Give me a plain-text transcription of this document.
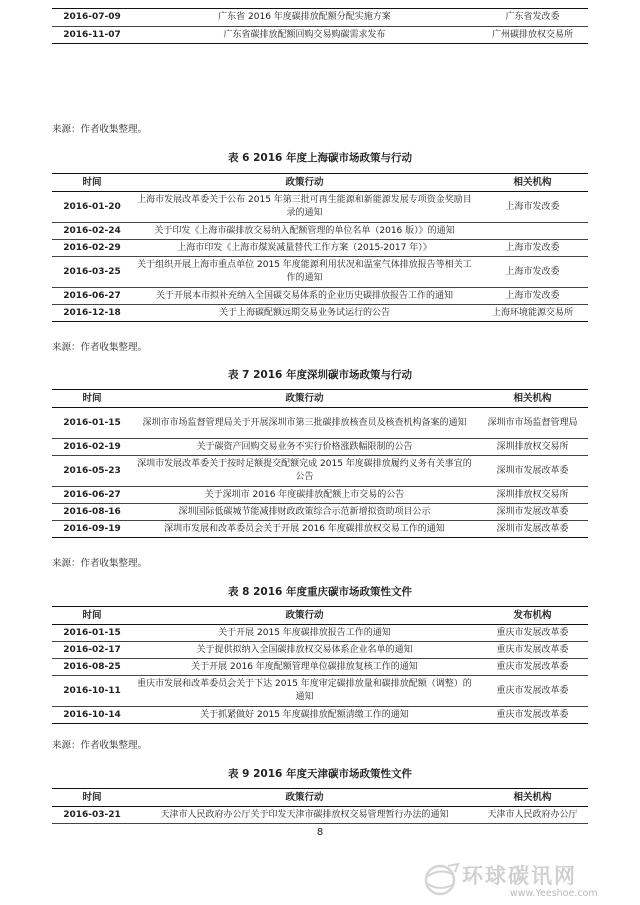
2016-07-09	广东省 2016 年度碳排放配额分配实施方案	广东省发改委
2016-11-07	广东省碳排放配额回购交易购碳需求发布	广州碳排放权交易所
来源：作者收集整理。
表 6 2016 年度上海碳市场政策与行动
时间	政策行动	相关机构
2016-01-20	上海市发展改革委关于公布 2015 年第三批可再生能源和新能源发展专项资金奖励目录的通知	上海市发改委
2016-02-24	关于印发《上海市碳排放交易纳入配额管理的单位名单（2016 版）》的通知	
2016-02-29	上海市印发《上海市煤炭减量替代工作方案（2015-2017 年）》	上海市发改委
2016-03-25	关于组织开展上海市重点单位 2015 年度能源利用状况和温室气体排放报告等相关工作的通知	上海市发改委
2016-06-27	关于开展本市拟补充纳入全国碳交易体系的企业历史碳排放报告工作的通知	上海市发改委
2016-12-18	关于上海碳配额远期交易业务试运行的公告	上海环境能源交易所
来源：作者收集整理。
表 7 2016 年度深圳碳市场政策与行动
时间	政策行动	相关机构
2016-01-15	深圳市市场监督管理局关于开展深圳市第三批碳排放核查员及核查机构备案的通知	深圳市市场监督管理局
2016-02-19	关于碳资产回购交易业务不实行价格涨跌幅限制的公告	深圳排放权交易所
2016-05-23	深圳市发展改革委关于按时足额提交配额完成 2015 年度碳排放履约义务有关事宜的公告	深圳市发展改革委
2016-06-27	关于深圳市 2016 年度碳排放配额上市交易的公告	深圳排放权交易所
2016-08-16	深圳国际低碳城节能减排财政政策综合示范新增拟资助项目公示	深圳市发展改革委
2016-09-19	深圳市发展和改革委员会关于开展 2016 年度碳排放权交易工作的通知	深圳市发展改革委
来源：作者收集整理。
表 8 2016 年度重庆碳市场政策性文件
时间	政策行动	发布机构
2016-01-15	关于开展 2015 年度碳排放报告工作的通知	重庆市发展改革委
2016-02-17	关于提供拟纳入全国碳排放权交易体系企业名单的通知	重庆市发展改革委
2016-08-25	关于开展 2016 年度配额管理单位碳排放复核工作的通知	重庆市发展改革委
2016-10-11	重庆市发展和改革委员会关于下达 2015 年度审定碳排放量和碳排放配额（调整）的通知	重庆市发展改革委
2016-10-14	关于抓紧做好 2015 年度碳排放配额清缴工作的通知	重庆市发展改革委
来源：作者收集整理。
表 9 2016 年度天津碳市场政策性文件
时间	政策行动	相关机构
2016-03-21	天津市人民政府办公厅关于印发天津市碳排放权交易管理暂行办法的通知	天津市人民政府办公厅
8
环球碳讯网
www.Yeeshoe.com
